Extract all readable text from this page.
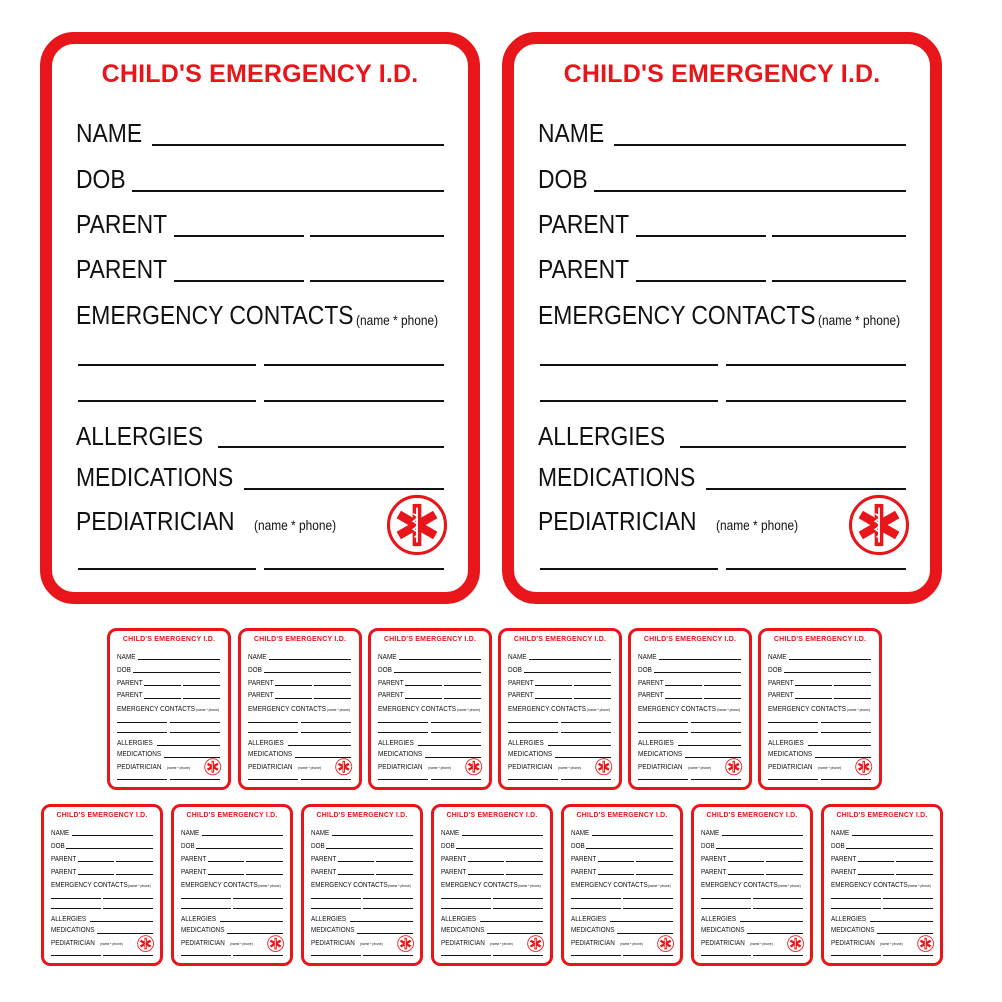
CHILD'S EMERGENCY I.D.
NAME
DOB
PARENT
PARENT
EMERGENCY CONTACTS
ALLERGIES
MEDICATIONS
PEDIATRICIAN
(name * phone)
(name * phone)
CHILD'S EMERGENCY I.D.
NAME
DOB
PARENT
PARENT
EMERGENCY CONTACTS
ALLERGIES
MEDICATIONS
PEDIATRICIAN
(name * phone)
(name * phone)
CHILD'S EMERGENCY I.D.
NAME
DOB
PARENT
PARENT
EMERGENCY CONTACTS
ALLERGIES
MEDICATIONS
PEDIATRICIAN
(name * phone)
(name * phone)
CHILD'S EMERGENCY I.D.
NAME
DOB
PARENT
PARENT
EMERGENCY CONTACTS
ALLERGIES
MEDICATIONS
PEDIATRICIAN
(name * phone)
(name * phone)
CHILD'S EMERGENCY I.D.
NAME
DOB
PARENT
PARENT
EMERGENCY CONTACTS
ALLERGIES
MEDICATIONS
PEDIATRICIAN
(name * phone)
(name * phone)
CHILD'S EMERGENCY I.D.
NAME
DOB
PARENT
PARENT
EMERGENCY CONTACTS
ALLERGIES
MEDICATIONS
PEDIATRICIAN
(name * phone)
(name * phone)
CHILD'S EMERGENCY I.D.
NAME
DOB
PARENT
PARENT
EMERGENCY CONTACTS
ALLERGIES
MEDICATIONS
PEDIATRICIAN
(name * phone)
(name * phone)
CHILD'S EMERGENCY I.D.
NAME
DOB
PARENT
PARENT
EMERGENCY CONTACTS
ALLERGIES
MEDICATIONS
PEDIATRICIAN
(name * phone)
(name * phone)
CHILD'S EMERGENCY I.D.
NAME
DOB
PARENT
PARENT
EMERGENCY CONTACTS
ALLERGIES
MEDICATIONS
PEDIATRICIAN
(name * phone)
(name * phone)
CHILD'S EMERGENCY I.D.
NAME
DOB
PARENT
PARENT
EMERGENCY CONTACTS
ALLERGIES
MEDICATIONS
PEDIATRICIAN
(name * phone)
(name * phone)
CHILD'S EMERGENCY I.D.
NAME
DOB
PARENT
PARENT
EMERGENCY CONTACTS
ALLERGIES
MEDICATIONS
PEDIATRICIAN
(name * phone)
(name * phone)
CHILD'S EMERGENCY I.D.
NAME
DOB
PARENT
PARENT
EMERGENCY CONTACTS
ALLERGIES
MEDICATIONS
PEDIATRICIAN
(name * phone)
(name * phone)
CHILD'S EMERGENCY I.D.
NAME
DOB
PARENT
PARENT
EMERGENCY CONTACTS
ALLERGIES
MEDICATIONS
PEDIATRICIAN
(name * phone)
(name * phone)
CHILD'S EMERGENCY I.D.
NAME
DOB
PARENT
PARENT
EMERGENCY CONTACTS
ALLERGIES
MEDICATIONS
PEDIATRICIAN
(name * phone)
(name * phone)
CHILD'S EMERGENCY I.D.
NAME
DOB
PARENT
PARENT
EMERGENCY CONTACTS
ALLERGIES
MEDICATIONS
PEDIATRICIAN
(name * phone)
(name * phone)
